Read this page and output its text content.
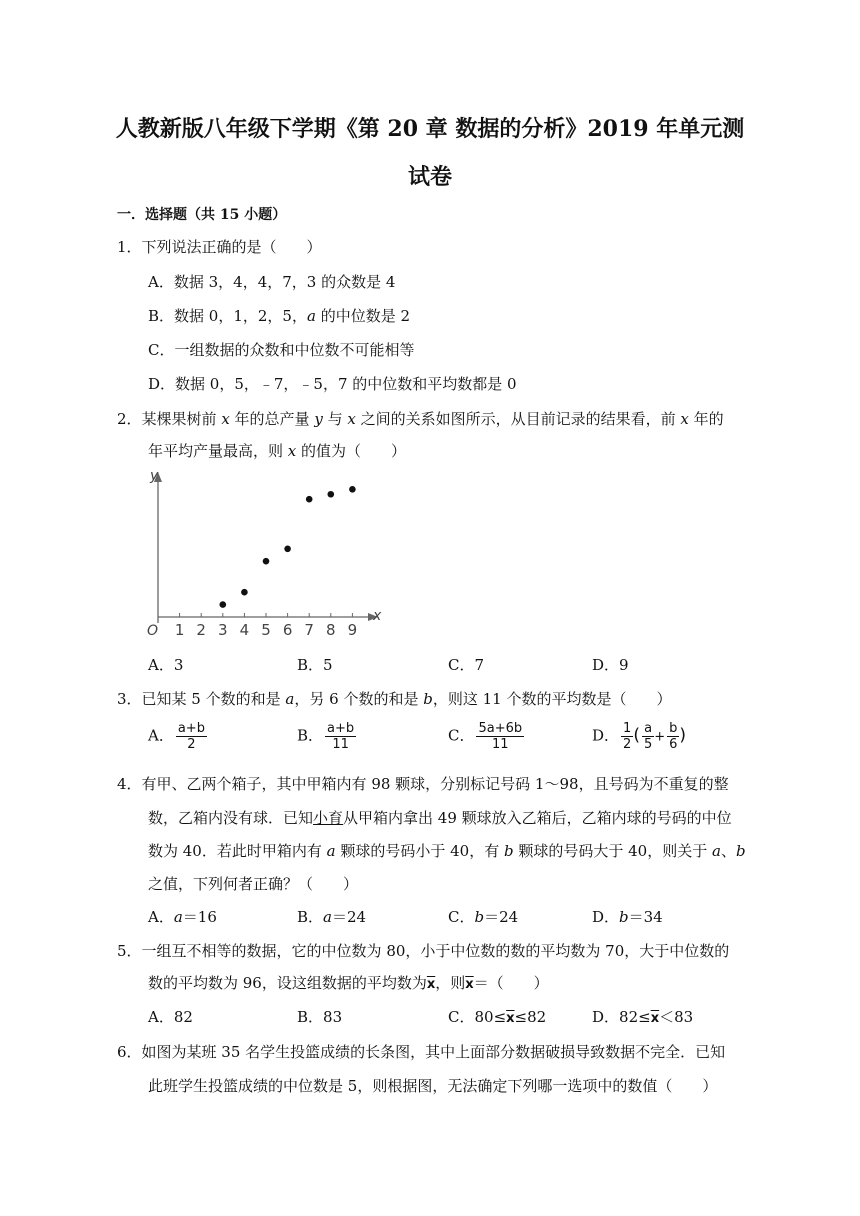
人教新版八年级下学期《第 20 章 数据的分析》2019 年单元测
试卷
一．选择题（共 15 小题）
1．下列说法正确的是（　　）
A．数据 3，4，4，7，3 的众数是 4
B．数据 0，1，2，5，a 的中位数是 2
C．一组数据的众数和中位数不可能相等
D．数据 0，5，﹣7，﹣5，7 的中位数和平均数都是 0
2．某棵果树前 x 年的总产量 y 与 x 之间的关系如图所示，从目前记录的结果看，前 x 年的
年平均产量最高，则 x 的值为（　　）
x
y
O 1 2 3 4 5 6 7 8 9
A．3	B．5	C．7	D．9
3．已知某 5 个数的和是 a，另 6 个数的和是 b，则这 11 个数的平均数是（　　）
A． $\frac{a+b}{2}$	B． $\frac{a+b}{11}$	C． $\frac{5a+6b}{11}$	D． $\frac{1}{2}$ ( $\frac{a}{5} + \frac{b}{6}$ )
4．有甲、乙两个箱子，其中甲箱内有 98 颗球，分别标记号码 1～98，且号码为不重复的整
数，乙箱内没有球．已知小育从甲箱内拿出 49 颗球放入乙箱后，乙箱内球的号码的中位
数为 40．若此时甲箱内有 a 颗球的号码小于 40，有 b 颗球的号码大于 40，则关于 a、b
之值，下列何者正确？（　　）
A．a＝16	B．a＝24	C．b＝24	D．b＝34
5．一组互不相等的数据，它的中位数为 80，小于中位数的数的平均数为 70，大于中位数的
数的平均数为 96，设这组数据的平均数为$\overline{x}$，则$\overline{x}=$（　　）
A．82	B．83	C．$80\le\overline{x}\le 82$	D．$82\le\overline{x}<83$
6．如图为某班 35 名学生投篮成绩的长条图，其中上面部分数据破损导致数据不完全．已知
此班学生投篮成绩的中位数是 5，则根据图，无法确定下列哪一选项中的数值（　　）
